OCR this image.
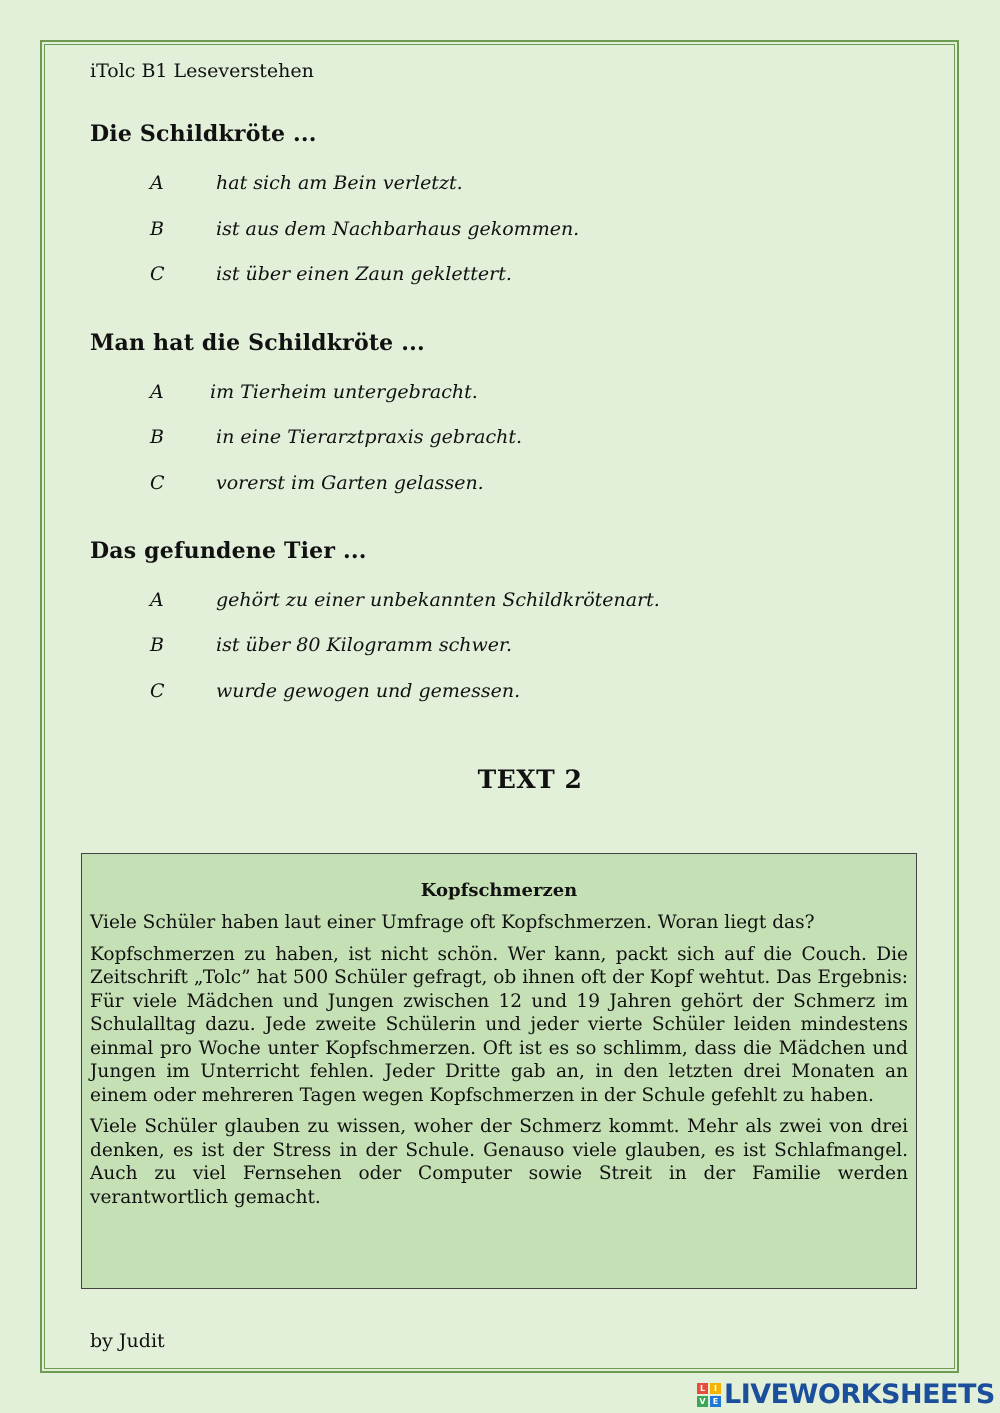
iTolc B1 Leseverstehen
Die Schildkröte ...
A	hat sich am Bein verletzt.
B	ist aus dem Nachbarhaus gekommen.
C	ist über einen Zaun geklettert.
Man hat die Schildkröte ...
A im Tierheim untergebracht.
B	in eine Tierarztpraxis gebracht.
C	vorerst im Garten gelassen.
Das gefundene Tier ...
A	gehört zu einer unbekannten Schildkrötenart.
B	ist über 80 Kilogramm schwer.
C	wurde gewogen und gemessen.
TEXT 2
Kopfschmerzen

Viele Schüler haben laut einer Umfrage oft Kopfschmerzen. Woran liegt das?

Kopfschmerzen zu haben, ist nicht schön. Wer kann, packt sich auf die Couch. Die Zeitschrift „Tolc” hat 500 Schüler gefragt, ob ihnen oft der Kopf wehtut. Das Ergebnis: Für viele Mädchen und Jungen zwischen 12 und 19 Jahren gehört der Schmerz im Schulalltag dazu. Jede zweite Schülerin und jeder vierte Schüler leiden mindestens einmal pro Woche unter Kopfschmerzen. Oft ist es so schlimm, dass die Mädchen und Jungen im Unterricht fehlen. Jeder Dritte gab an, in den letzten drei Monaten an einem oder mehreren Tagen wegen Kopfschmerzen in der Schule gefehlt zu haben.

Viele Schüler glauben zu wissen, woher der Schmerz kommt. Mehr als zwei von drei denken, es ist der Stress in der Schule. Genauso viele glauben, es ist Schlafmangel. Auch zu viel Fernsehen oder Computer sowie Streit in der Familie werden verantwortlich gemacht.

by Judit
L	I
V E LIVEWORKSHEETS
